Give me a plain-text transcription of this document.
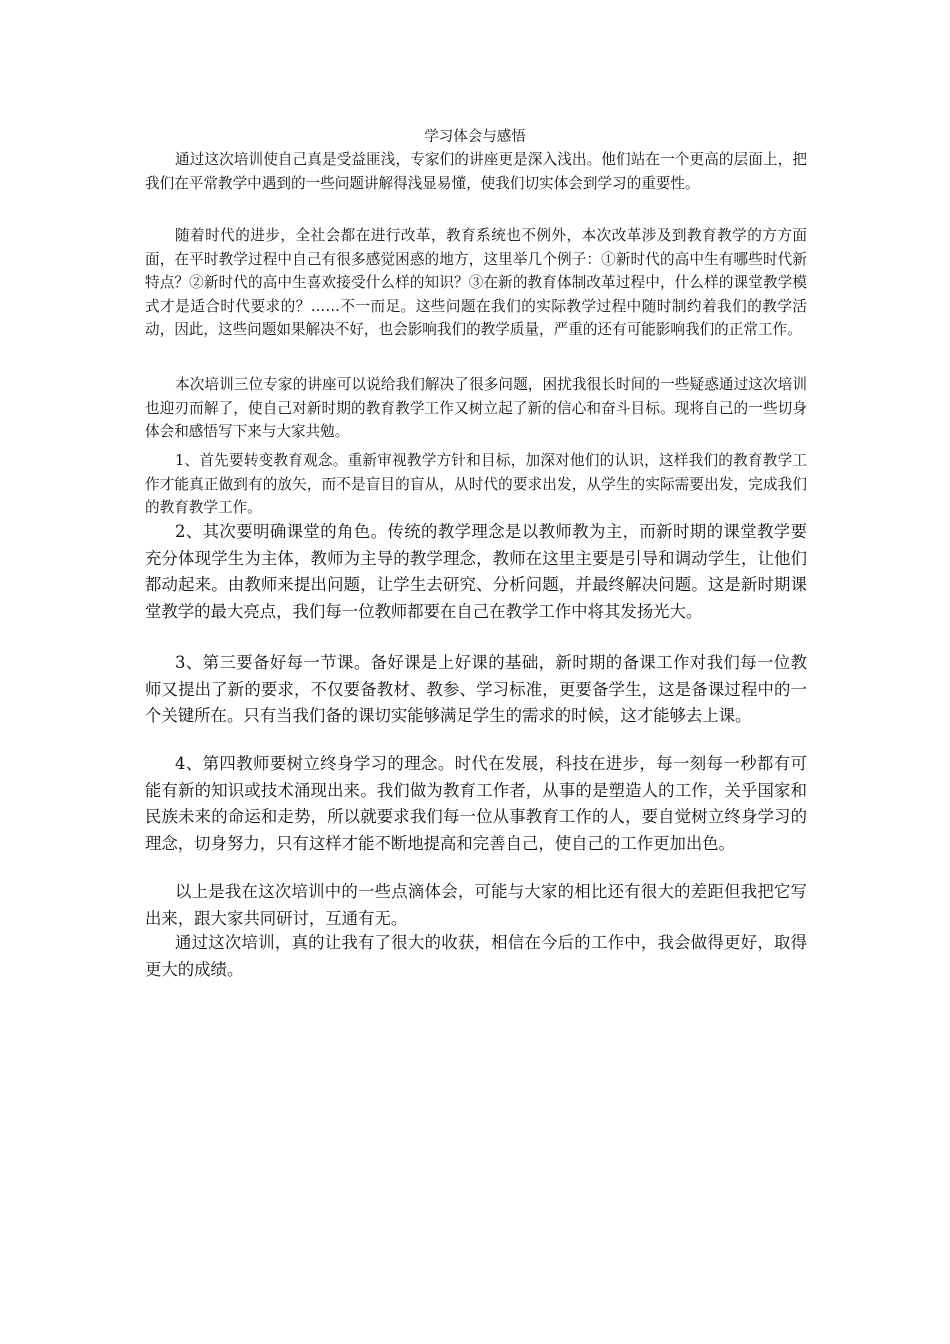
学习体会与感悟

通过这次培训使自己真是受益匪浅，专家们的讲座更是深入浅出。他们站在一个更高的层面上，把我们在平常教学中遇到的一些问题讲解得浅显易懂，使我们切实体会到学习的重要性。

随着时代的进步，全社会都在进行改革，教育系统也不例外，本次改革涉及到教育教学的方方面面，在平时教学过程中自己有很多感觉困惑的地方，这里举几个例子：①新时代的高中生有哪些时代新特点？②新时代的高中生喜欢接受什么样的知识？③在新的教育体制改革过程中，什么样的课堂教学模式才是适合时代要求的？……不一而足。这些问题在我们的实际教学过程中随时制约着我们的教学活动，因此，这些问题如果解决不好，也会影响我们的教学质量，严重的还有可能影响我们的正常工作。

本次培训三位专家的讲座可以说给我们解决了很多问题，困扰我很长时间的一些疑惑通过这次培训也迎刃而解了，使自己对新时期的教育教学工作又树立起了新的信心和奋斗目标。现将自己的一些切身体会和感悟写下来与大家共勉。

1、首先要转变教育观念。重新审视教学方针和目标，加深对他们的认识，这样我们的教育教学工作才能真正做到有的放矢，而不是盲目的盲从，从时代的要求出发，从学生的实际需要出发，完成我们的教育教学工作。

2、其次要明确课堂的角色。传统的教学理念是以教师教为主，而新时期的课堂教学要充分体现学生为主体，教师为主导的教学理念，教师在这里主要是引导和调动学生，让他们都动起来。由教师来提出问题，让学生去研究、分析问题，并最终解决问题。这是新时期课堂教学的最大亮点，我们每一位教师都要在自己在教学工作中将其发扬光大。

3、第三要备好每一节课。备好课是上好课的基础，新时期的备课工作对我们每一位教师又提出了新的要求，不仅要备教材、教参、学习标准，更要备学生，这是备课过程中的一个关键所在。只有当我们备的课切实能够满足学生的需求的时候，这才能够去上课。

4、第四教师要树立终身学习的理念。时代在发展，科技在进步，每一刻每一秒都有可能有新的知识或技术涌现出来。我们做为教育工作者，从事的是塑造人的工作，关乎国家和民族未来的命运和走势，所以就要求我们每一位从事教育工作的人，要自觉树立终身学习的理念，切身努力，只有这样才能不断地提高和完善自己，使自己的工作更加出色。

以上是我在这次培训中的一些点滴体会，可能与大家的相比还有很大的差距但我把它写出来，跟大家共同研讨，互通有无。

通过这次培训，真的让我有了很大的收获，相信在今后的工作中，我会做得更好，取得更大的成绩。
